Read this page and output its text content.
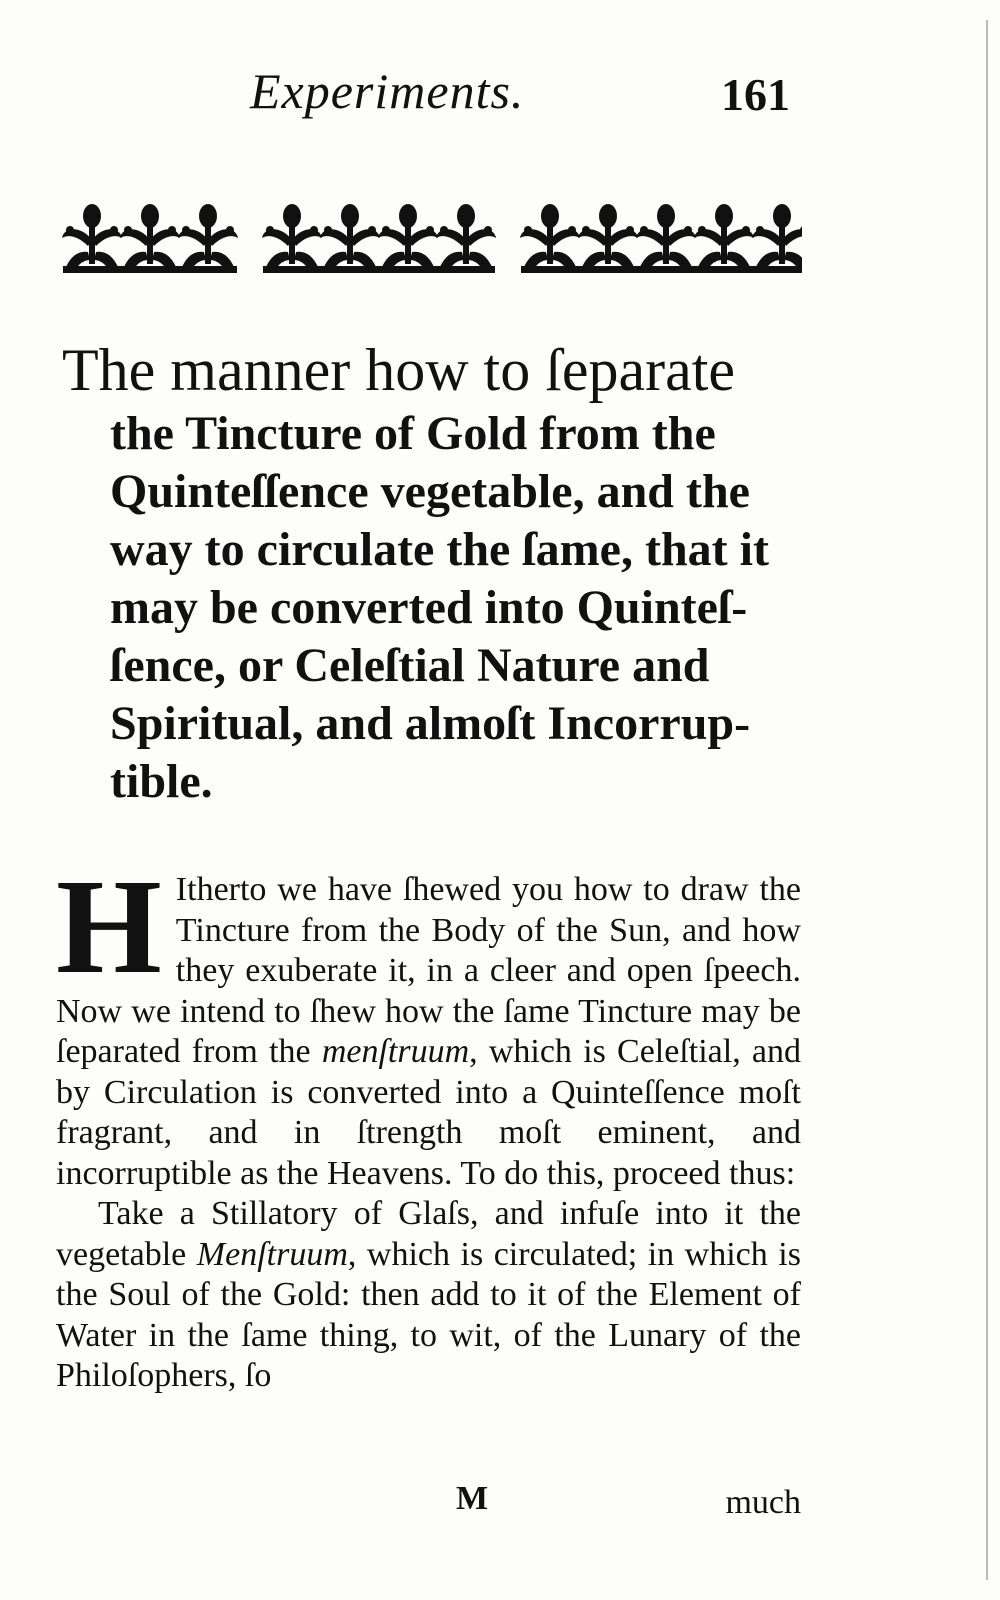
Experiments.	161

The manner how to ſeparate

the Tincture of Gold from the

Quinteſſence vegetable, and the

way to circulate the ſame, that it

may be converted into Quinteſ-

ſence, or Celeſtial Nature and

Spiritual, and almoſt Incorrup-

tible.

H Itherto we have ſhewed you how to draw the Tincture from the Body of the Sun, and how they exuberate it, in a cleer and open ſpeech. Now we intend to ſhew how the ſame Tincture may be ſeparated from the menſtruum, which is Celeſtial, and by Circulation is converted into a Quinteſſence moſt fragrant, and in ſtrength moſt eminent, and incorruptible as the Heavens. To do this, proceed thus:

Take a Stillatory of Glaſs, and infuſe into it the vegetable Menſtruum, which is circulated; in which is the Soul of the Gold: then add to it of the Element of Water in the ſame thing, to wit, of the Lunary of the Philoſophers, ſo

M	much
